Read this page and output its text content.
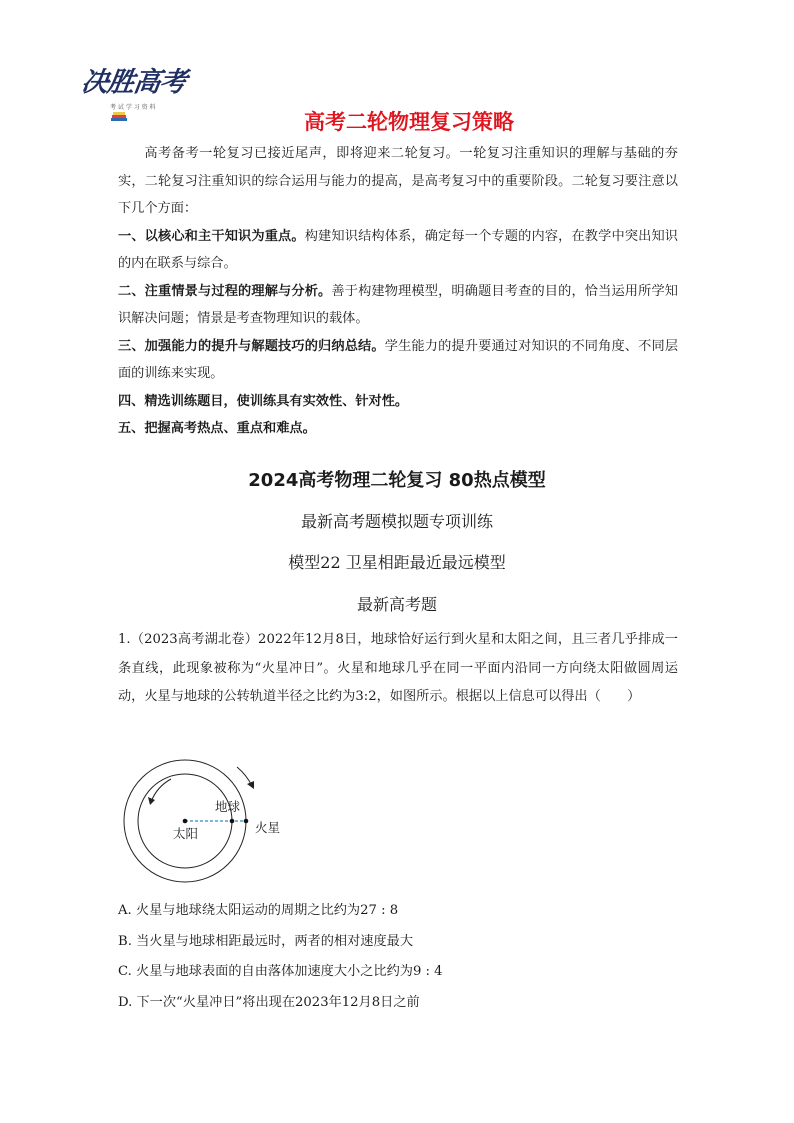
决胜高考
考 试 学 习 资 料
高考二轮物理复习策略

高考备考一轮复习已接近尾声，即将迎来二轮复习。一轮复习注重知识的理解与基础的夯实，二轮复习注重知识的综合运用与能力的提高，是高考复习中的重要阶段。二轮复习要注意以下几个方面：

一、以核心和主干知识为重点。构建知识结构体系，确定每一个专题的内容，在教学中突出知识的内在联系与综合。

二、注重情景与过程的理解与分析。善于构建物理模型，明确题目考查的目的，恰当运用所学知识解决问题；情景是考查物理知识的载体。

三、加强能力的提升与解题技巧的归纳总结。学生能力的提升要通过对知识的不同角度、不同层面的训练来实现。

四、精选训练题目，使训练具有实效性、针对性。

五、把握高考热点、重点和难点。

2024高考物理二轮复习 80热点模型
最新高考题模拟题专项训练
模型22 卫星相距最近最远模型
最新高考题

1.（2023高考湖北卷）2022年12月8日，地球恰好运行到火星和太阳之间，且三者几乎排成一条直线，此现象被称为“火星冲日”。火星和地球几乎在同一平面内沿同一方向绕太阳做圆周运动，火星与地球的公转轨道半径之比约为3:2，如图所示。根据以上信息可以得出（　　）

地球
太阳	火星
A. 火星与地球绕太阳运动的周期之比约为27 : 8
B. 当火星与地球相距最远时，两者的相对速度最大
C. 火星与地球表面的自由落体加速度大小之比约为9 : 4
D. 下一次“火星冲日”将出现在2023年12月8日之前
